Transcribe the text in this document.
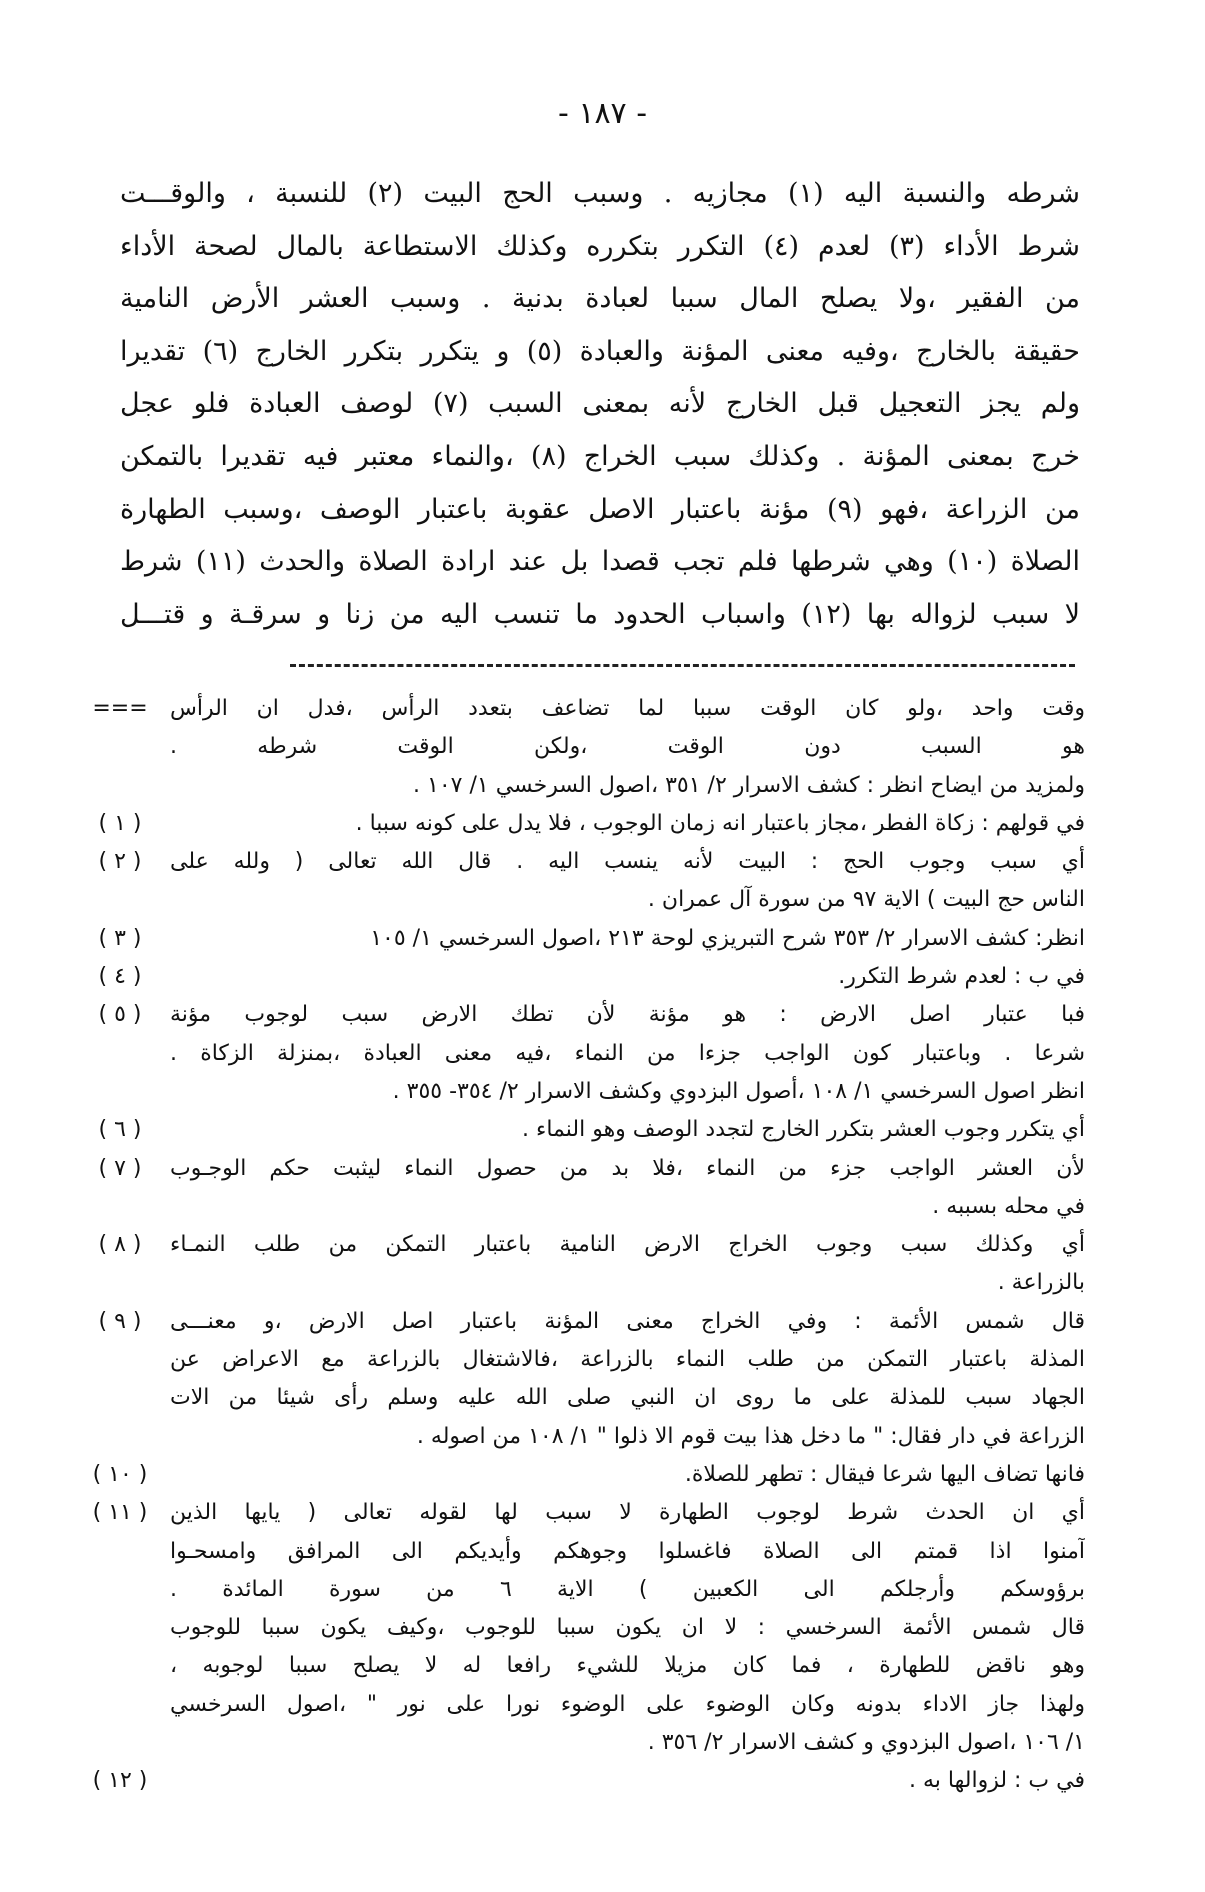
- ١٨٧ -
شرطه والنسبة اليه (١) مجازيه . وسبب الحج البيت (٢) للنسبة ، والوقـــت
شرط الأداء (٣) لعدم (٤) التكرر بتكرره وكذلك الاستطاعة بالمال لصحة الأداء
من الفقير ،ولا يصلح المال سببا لعبادة بدنية . وسبب العشر الأرض النامية
حقيقة بالخارج ،وفيه معنى المؤنة والعبادة (٥) و يتكرر بتكرر الخارج (٦) تقديرا
ولم يجز التعجيل قبل الخارج لأنه بمعنى السبب (٧) لوصف العبادة فلو عجل
خرج بمعنى المؤنة . وكذلك سبب الخراج (٨) ،والنماء معتبر فيه تقديرا بالتمكن
من الزراعة ،فهو (٩) مؤنة باعتبار الاصل عقوبة باعتبار الوصف ،وسبب الطهارة
الصلاة (١٠) وهي شرطها فلم تجب قصدا بل عند ارادة الصلاة والحدث (١١) شرط
لا سبب لزواله بها (١٢) واسباب الحدود ما تنسب اليه من زنا و سرقـة و قتـــل
وقت واحد ،ولو كان الوقت سببا لما تضاعف بتعدد الرأس ،فدل ان الرأس
هو السبب دون الوقت ،ولكن الوقت شرطه .
ولمزيد من ايضاح انظر : كشف الاسرار ٢/ ٣٥١ ،اصول السرخسي ١/ ١٠٧ .
===
في قولهم : زكاة الفطر ،مجاز باعتبار انه زمان الوجوب ، فلا يدل على كونه سببا .
( ١ )
أي سبب وجوب الحج : البيت لأنه ينسب اليه . قال الله تعالى ( ولله على
الناس حج البيت ) الاية ٩٧ من سورة آل عمران .
( ٢ )
انظر: كشف الاسرار ٢/ ٣٥٣ شرح التبريزي لوحة ٢١٣ ،اصول السرخسي ١/ ١٠٥
( ٣ )
في ب : لعدم شرط التكرر.
( ٤ )
فبا عتبار اصل الارض : هو مؤنة لأن تطك الارض سبب لوجوب مؤنة
شرعا . وباعتبار كون الواجب جزءا من النماء ،فيه معنى العبادة ،بمنزلة الزكاة .
انظر اصول السرخسي ١/ ١٠٨ ،أصول البزدوي وكشف الاسرار ٢/ ٣٥٤- ٣٥٥ .
( ٥ )
أي يتكرر وجوب العشر بتكرر الخارج لتجدد الوصف وهو النماء .
( ٦ )
لأن العشر الواجب جزء من النماء ،فلا بد من حصول النماء ليثبت حكم الوجـوب
في محله بسببه .
( ٧ )
أي وكذلك سبب وجوب الخراج الارض النامية باعتبار التمكن من طلب النمـاء
بالزراعة .
( ٨ )
قال شمس الأئمة : وفي الخراج معنى المؤنة باعتبار اصل الارض ،و معنـــى
المذلة باعتبار التمكن من طلب النماء بالزراعة ،فالاشتغال بالزراعة مع الاعراض عن
الجهاد سبب للمذلة على ما روى ان النبي صلى الله عليه وسلم رأى شيئا من الات
الزراعة في دار فقال: " ما دخل هذا بيت قوم الا ذلوا " ١/ ١٠٨ من اصوله .
( ٩ )
فانها تضاف اليها شرعا فيقال : تطهر للصلاة.
( ١٠ )
أي ان الحدث شرط لوجوب الطهارة لا سبب لها لقوله تعالى ( يايها الذين
آمنوا اذا قمتم الى الصلاة فاغسلوا وجوهكم وأيديكم الى المرافق وامسحـوا
برؤوسكم وأرجلكم الى الكعبين ) الاية ٦ من سورة المائدة .
قال شمس الأئمة السرخسي : لا ان يكون سببا للوجوب ،وكيف يكون سببا للوجوب
وهو ناقض للطهارة ، فما كان مزيلا للشيء رافعا له لا يصلح سببا لوجوبه ،
ولهذا جاز الاداء بدونه وكان الوضوء على الوضوء نورا على نور " ،اصول السرخسي
١/ ١٠٦ ،اصول البزدوي و كشف الاسرار ٢/ ٣٥٦ .
( ١١ )
في ب : لزوالها به .
( ١٢ )
